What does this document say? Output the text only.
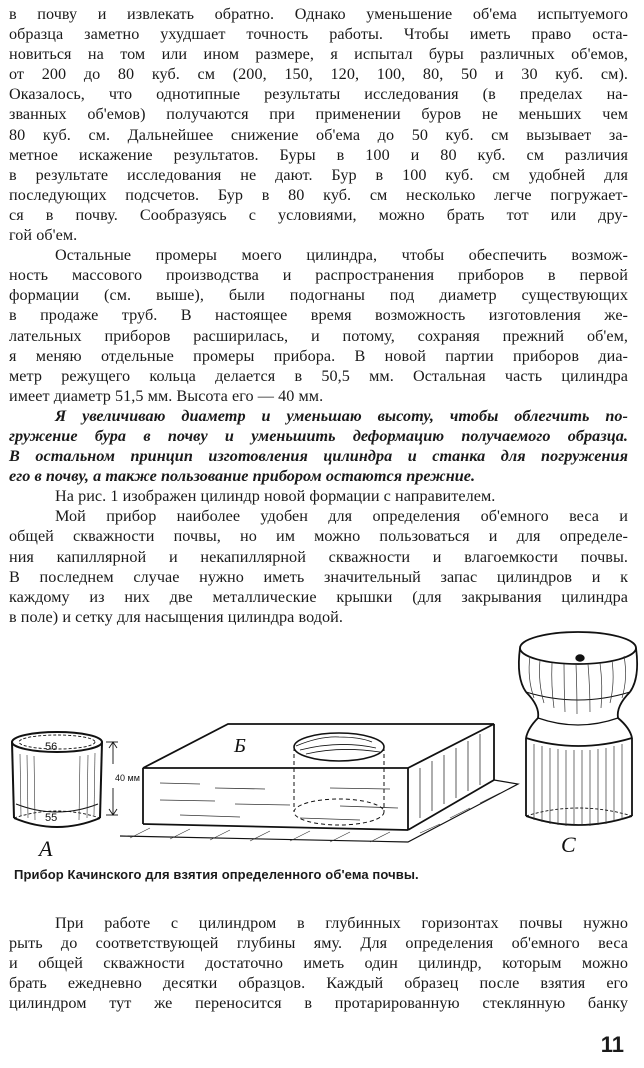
в почву и извлекать обратно. Однако уменьшение об'ема испытуемого
образца заметно ухудшает точность работы. Чтобы иметь право оста-
новиться на том или ином размере, я испытал буры различных об'емов,
от 200 до 80 куб. см (200, 150, 120, 100, 80, 50 и 30 куб. см).
Оказалось, что однотипные результаты исследования (в пределах на-
званных об'емов) получаются при применении буров не меньших чем
80 куб. см. Дальнейшее снижение об'ема до 50 куб. см вызывает за-
метное искажение результатов. Буры в 100 и 80 куб. см различия
в результате исследования не дают. Бур в 100 куб. см удобней для
последующих подсчетов. Бур в 80 куб. см несколько легче погружает-
ся в почву. Сообразуясь с условиями, можно брать тот или дру-
гой об'ем.
Остальные промеры моего цилиндра, чтобы обеспечить возмож-
ность массового производства и распространения приборов в первой
формации (см. выше), были подогнаны под диаметр существующих
в продаже труб. В настоящее время возможность изготовления же-
лательных приборов расширилась, и потому, сохраняя прежний об'ем,
я меняю отдельные промеры прибора. В новой партии приборов диа-
метр режущего кольца делается в 50,5 мм. Остальная часть цилиндра
имеет диаметр 51,5 мм. Высота его — 40 мм.
Я увеличиваю диаметр и уменьшаю высоту, чтобы облегчить по-
гружение бура в почву и уменьшить деформацию получаемого образца.
В остальном принцип изготовления цилиндра и станка для погружения
его в почву, а также пользование прибором остаются прежние.
На рис. 1 изображен цилиндр новой формации с направителем.
Мой прибор наиболее удобен для определения об'емного веса и
общей скважности почвы, но им можно пользоваться и для определе-
ния капиллярной и некапиллярной скважности и влагоемкости почвы.
В последнем случае нужно иметь значительный запас цилиндров и к
каждому из них две металлические крышки (для закрывания цилиндра
в поле) и сетку для насыщения цилиндра водой.
А
Б
С
56
55
40 мм
Прибор Качинского для взятия определенного об'ема почвы.
При работе с цилиндром в глубинных горизонтах почвы нужно
рыть до соответствующей глубины яму. Для определения об'емного веса
и общей скважности достаточно иметь один цилиндр, которым можно
брать ежедневно десятки образцов. Каждый образец после взятия его
цилиндром тут же переносится в протарированную стеклянную банку
11
